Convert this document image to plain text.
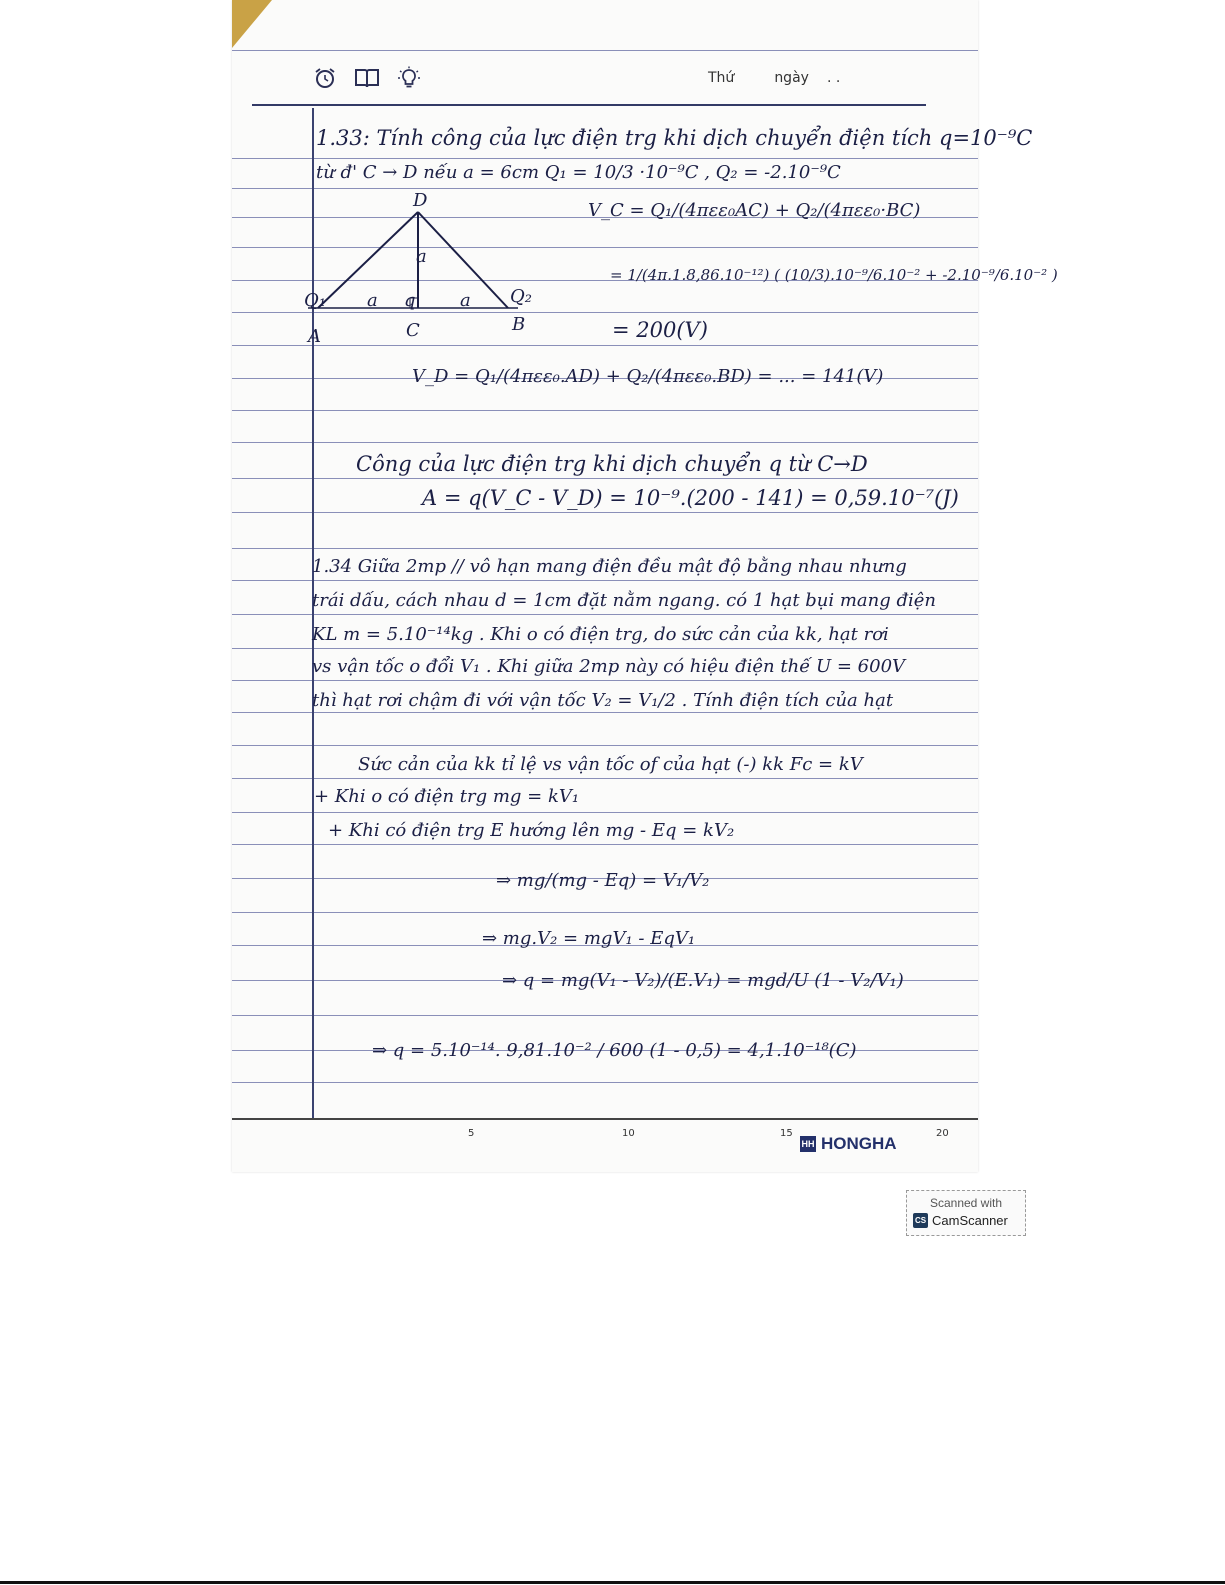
Thứ	ngày . .
1.33: Tính công của lực điện trg khi dịch chuyển điện tích q=10⁻⁹C
từ đ' C → D nếu a = 6cm Q₁ = 10/3 ·10⁻⁹C , Q₂ = -2.10⁻⁹C
D
a
Q₁ a q a Q₂
A	C	B
V_C = Q₁/(4πεε₀AC) + Q₂/(4πεε₀·BC)
= 1/(4π.1.8,86.10⁻¹²) ( (10/3).10⁻⁹/6.10⁻² + -2.10⁻⁹/6.10⁻² )
= 200(V)
V_D = Q₁/(4πεε₀.AD) + Q₂/(4πεε₀.BD) = ... = 141(V)
Công của lực điện trg khi dịch chuyển q từ C→D
A = q(V_C - V_D) = 10⁻⁹.(200 - 141) = 0,59.10⁻⁷(J)
1.34 Giữa 2mp // vô hạn mang điện đều mật độ bằng nhau nhưng
trái dấu, cách nhau d = 1cm đặt nằm ngang. có 1 hạt bụi mang điện
KL m = 5.10⁻¹⁴kg . Khi o có điện trg, do sức cản của kk, hạt rơi
vs vận tốc o đổi V₁ . Khi giữa 2mp này có hiệu điện thế U = 600V
thì hạt rơi chậm đi với vận tốc V₂ = V₁/2 . Tính điện tích của hạt
Sức cản của kk tỉ lệ vs vận tốc of của hạt (-) kk Fc = kV
+ Khi o có điện trg mg = kV₁
+ Khi có điện trg E hướng lên mg - Eq = kV₂
⇒ mg/(mg - Eq) = V₁/V₂
⇒ mg.V₂ = mgV₁ - EqV₁
⇒ q = mg(V₁ - V₂)/(E.V₁) = mgd/U (1 - V₂/V₁)
⇒ q = 5.10⁻¹⁴. 9,81.10⁻² / 600 (1 - 0,5) = 4,1.10⁻¹⁸(C)
5	10	15	20
HH HONGHA
Scanned with
CS CamScanner
